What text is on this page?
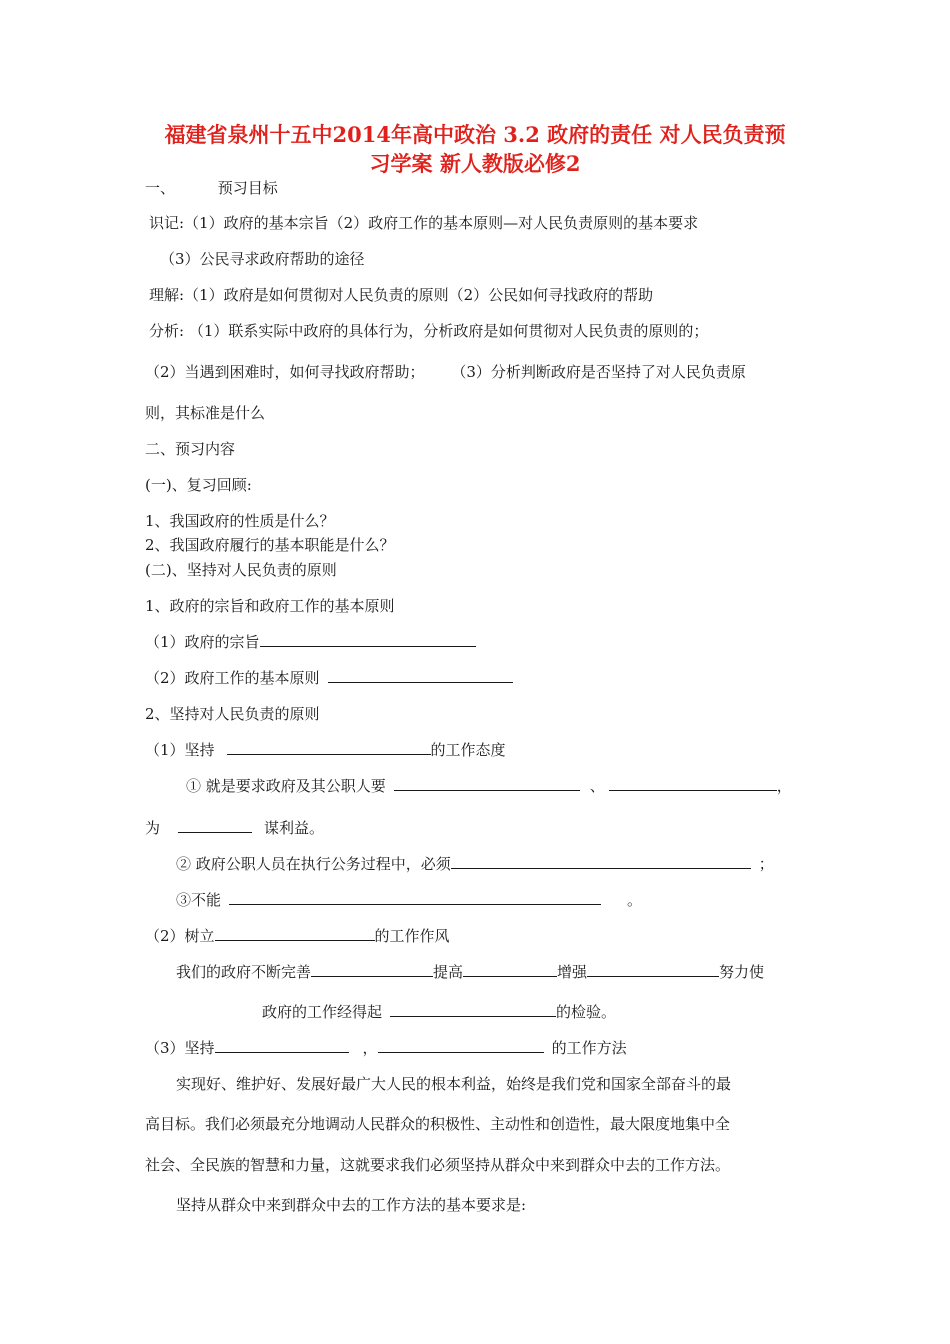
福建省泉州十五中2014年高中政治 3.2 政府的责任 对人民负责预
习学案 新人教版必修2
一、	预习目标
识记:（1）政府的基本宗旨（2）政府工作的基本原则—对人民负责原则的基本要求
（3）公民寻求政府帮助的途径
理解:（1）政府是如何贯彻对人民负责的原则（2）公民如何寻找政府的帮助
分析: （1）联系实际中政府的具体行为，分析政府是如何贯彻对人民负责的原则的；
（2）当遇到困难时，如何寻找政府帮助； （3）分析判断政府是否坚持了对人民负责原
则，其标准是什么
二、预习内容
(一)、复习回顾:
1、我国政府的性质是什么？
2、我国政府履行的基本职能是什么？
(二)、坚持对人民负责的原则
1、政府的宗旨和政府工作的基本原则
（1）政府的宗旨
（2）政府工作的基本原则
2、坚持对人民负责的原则
（1）坚持	的工作态度
① 就是要求政府及其公职人要	、	，
为	谋利益。
② 政府公职人员在执行公务过程中，必须	；
③不能	。
（2）树立	的工作作风
我们的政府不断完善	提高	增强	努力使
政府的工作经得起	的检验。
（3）坚持	，	的工作方法
实现好、维护好、发展好最广大人民的根本利益，始终是我们党和国家全部奋斗的最
高目标。我们必须最充分地调动人民群众的积极性、主动性和创造性，最大限度地集中全
社会、全民族的智慧和力量，这就要求我们必须坚持从群众中来到群众中去的工作方法。
坚持从群众中来到群众中去的工作方法的基本要求是:
